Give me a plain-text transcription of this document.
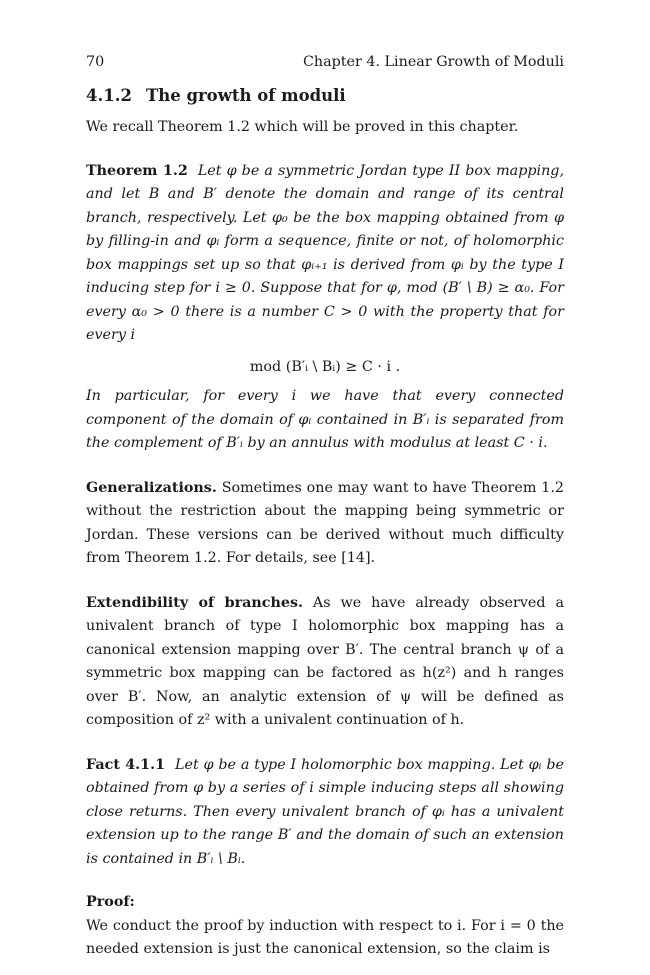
70	Chapter 4. Linear Growth of Moduli
4.1.2 The growth of moduli

We recall Theorem 1.2 which will be proved in this chapter.

Theorem 1.2 Let φ be a symmetric Jordan type II box mapping, and let B and B′ denote the domain and range of its central branch, respectively. Let φ₀ be the box mapping obtained from φ by filling-in and φᵢ form a sequence, finite or not, of holomorphic box mappings set up so that φᵢ₊₁ is derived from φᵢ by the type I inducing step for i ≥ 0. Suppose that for φ, mod (B′ \ B) ≥ α₀. For every α₀ > 0 there is a number C > 0 with the property that for every i

mod (B′ᵢ \ Bᵢ) ≥ C · i .

In particular, for every i we have that every connected component of the domain of φᵢ contained in B′ᵢ is separated from the complement of B′ᵢ by an annulus with modulus at least C · i.

Generalizations. Sometimes one may want to have Theorem 1.2 without the restriction about the mapping being symmetric or Jordan. These versions can be derived without much difficulty from Theorem 1.2. For details, see [14].

Extendibility of branches. As we have already observed a univalent branch of type I holomorphic box mapping has a canonical extension mapping over B′. The central branch ψ of a symmetric box mapping can be factored as h(z²) and h ranges over B′. Now, an analytic extension of ψ will be defined as composition of z² with a univalent continuation of h.

Fact 4.1.1 Let φ be a type I holomorphic box mapping. Let φᵢ be obtained from φ by a series of i simple inducing steps all showing close returns. Then every univalent branch of φᵢ has a univalent extension up to the range B′ and the domain of such an extension is contained in B′ᵢ \ Bᵢ.

Proof:

We conduct the proof by induction with respect to i. For i = 0 the needed extension is just the canonical extension, so the claim is
